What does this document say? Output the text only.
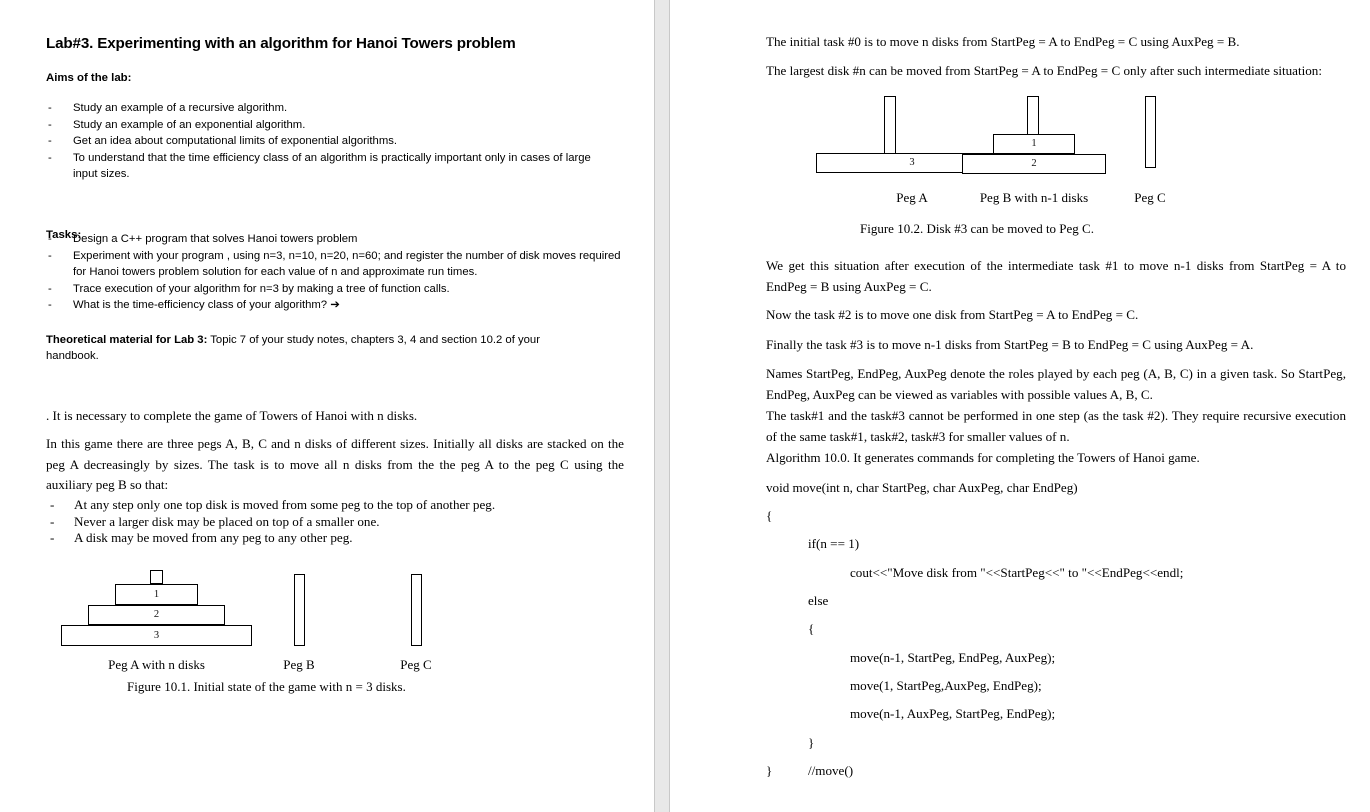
Lab#3. Experimenting with an algorithm for Hanoi Towers problem
Aims of the lab:
- Study an example of a recursive algorithm.
- Study an example of an exponential algorithm.
- Get an idea about computational limits of exponential algorithms.
- To understand that the time efficiency class of an algorithm is practically important only in cases of large input sizes.
Tasks:
- Design a C++ program that solves Hanoi towers problem
- Experiment with your program , using n=3, n=10, n=20, n=60; and register the number of disk moves required for Hanoi towers problem solution for each value of n and approximate run times.
- Trace execution of your algorithm for n=3 by making a tree of function calls.
- What is the time-efficiency class of your algorithm? ➔
Theoretical material for Lab 3: Topic 7 of your study notes, chapters 3, 4 and section 10.2 of your handbook.
. It is necessary to complete the game of Towers of Hanoi with n disks.
In this game there are three pegs A, B, C and n disks of different sizes. Initially all disks are stacked on the peg A decreasingly by sizes. The task is to move all n disks from the the peg A to the peg C using the auxiliary peg B so that:
- At any step only one top disk is moved from some peg to the top of another peg.
- Never a larger disk may be placed on top of a smaller one.
- A disk may be moved from any peg to any other peg.
1
2
3
Peg A with n disks	Peg B	Peg C
Figure 10.1. Initial state of the game with n = 3 disks.
The initial task #0 is to move n disks from StartPeg = A to EndPeg = C using AuxPeg = B.
The largest disk #n can be moved from StartPeg = A to EndPeg = C only after such intermediate situation:
3
Peg A
1
2
Peg B with n-1 disks	Peg C
Figure 10.2. Disk #3 can be moved to Peg C.
We get this situation after execution of the intermediate task #1 to move n-1 disks from StartPeg = A to EndPeg = B using AuxPeg = C.
Now the task #2 is to move one disk from StartPeg = A to EndPeg = C.
Finally the task #3 is to move n-1 disks from StartPeg = B to EndPeg = C using AuxPeg = A.
Names StartPeg, EndPeg, AuxPeg denote the roles played by each peg (A, B, C) in a given task. So StartPeg, EndPeg, AuxPeg can be viewed as variables with possible values A, B, C.
The task#1 and the task#3 cannot be performed in one step (as the task #2). They require recursive execution of the same task#1, task#2, task#3 for smaller values of n.
Algorithm 10.0. It generates commands for completing the Towers of Hanoi game.
void move(int n, char StartPeg, char AuxPeg, char EndPeg)
{
if(n == 1)
cout<<"Move disk from "<<StartPeg<<" to "<<EndPeg<<endl;
else
{
move(n-1, StartPeg, EndPeg, AuxPeg);
move(1, StartPeg,AuxPeg, EndPeg);
move(n-1, AuxPeg, StartPeg, EndPeg);
}
}	//move()
